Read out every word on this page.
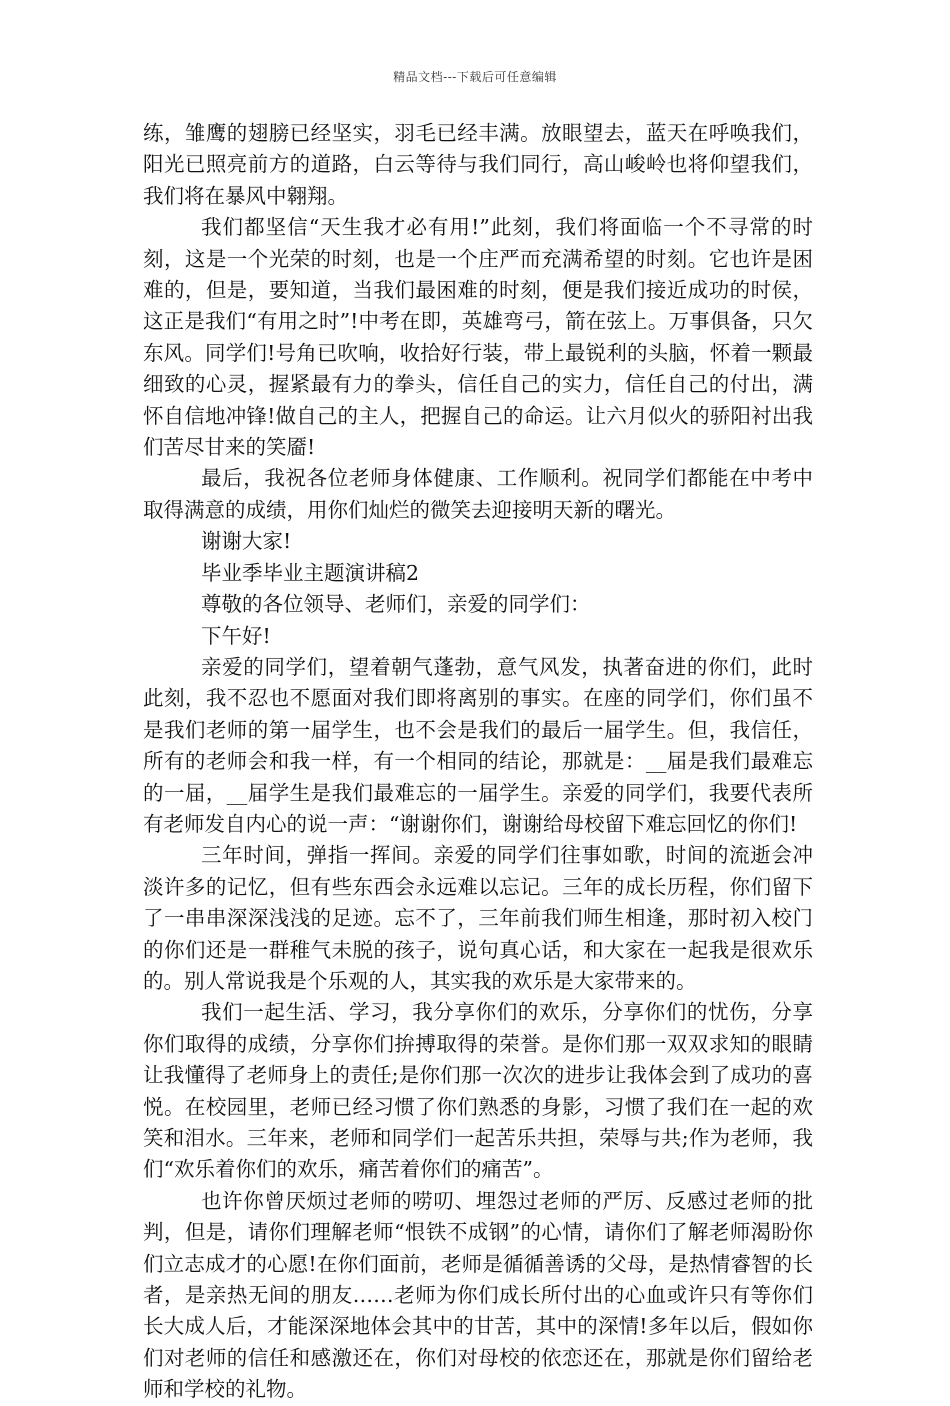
精品文档---下载后可任意编辑

练，雏鹰的翅膀已经坚实，羽毛已经丰满。放眼望去，蓝天在呼唤我们，阳光已照亮前方的道路，白云等待与我们同行，高山峻岭也将仰望我们，我们将在暴风中翱翔。

我们都坚信“天生我才必有用!”此刻，我们将面临一个不寻常的时刻，这是一个光荣的时刻，也是一个庄严而充满希望的时刻。它也许是困难的，但是，要知道，当我们最困难的时刻，便是我们接近成功的时侯，这正是我们“有用之时”!中考在即，英雄弯弓，箭在弦上。万事俱备，只欠东风。同学们!号角已吹响，收拾好行装，带上最锐利的头脑，怀着一颗最细致的心灵，握紧最有力的拳头，信任自己的实力，信任自己的付出，满怀自信地冲锋!做自己的主人，把握自己的命运。让六月似火的骄阳衬出我们苦尽甘来的笑靥!

最后，我祝各位老师身体健康、工作顺利。祝同学们都能在中考中取得满意的成绩，用你们灿烂的微笑去迎接明天新的曙光。

谢谢大家!

毕业季毕业主题演讲稿2

尊敬的各位领导、老师们，亲爱的同学们：

下午好!

亲爱的同学们，望着朝气蓬勃，意气风发，执著奋进的你们，此时此刻，我不忍也不愿面对我们即将离别的事实。在座的同学们，你们虽不是我们老师的第一届学生，也不会是我们的最后一届学生。但，我信任，所有的老师会和我一样，有一个相同的结论，那就是：__届是我们最难忘的一届，__届学生是我们最难忘的一届学生。亲爱的同学们，我要代表所有老师发自内心的说一声：“谢谢你们，谢谢给母校留下难忘回忆的你们!

三年时间，弹指一挥间。亲爱的同学们往事如歌，时间的流逝会冲淡许多的记忆，但有些东西会永远难以忘记。三年的成长历程，你们留下了一串串深深浅浅的足迹。忘不了，三年前我们师生相逢，那时初入校门的你们还是一群稚气未脱的孩子，说句真心话，和大家在一起我是很欢乐的。别人常说我是个乐观的人，其实我的欢乐是大家带来的。

我们一起生活、学习，我分享你们的欢乐，分享你们的忧伤，分享你们取得的成绩，分享你们拚搏取得的荣誉。是你们那一双双求知的眼睛让我懂得了老师身上的责任;是你们那一次次的进步让我体会到了成功的喜悦。在校园里，老师已经习惯了你们熟悉的身影，习惯了我们在一起的欢笑和泪水。三年来，老师和同学们一起苦乐共担，荣辱与共;作为老师，我们“欢乐着你们的欢乐，痛苦着你们的痛苦”。

也许你曾厌烦过老师的唠叨、埋怨过老师的严厉、反感过老师的批判，但是，请你们理解老师“恨铁不成钢”的心情，请你们了解老师渴盼你们立志成才的心愿!在你们面前，老师是循循善诱的父母，是热情睿智的长者，是亲热无间的朋友……老师为你们成长所付出的心血或许只有等你们长大成人后，才能深深地体会其中的甘苦，其中的深情!多年以后，假如你们对老师的信任和感激还在，你们对母校的依恋还在，那就是你们留给老师和学校的礼物。
